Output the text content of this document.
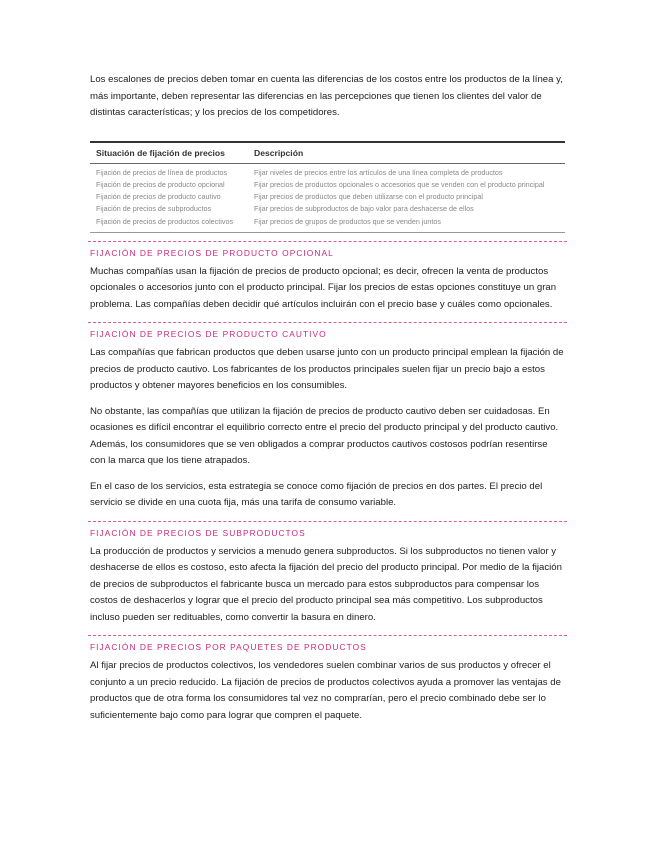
Los escalones de precios deben tomar en cuenta las diferencias de los costos entre los productos de la línea y, más importante, deben representar las diferencias en las percepciones que tienen los clientes del valor de distintas características; y los precios de los competidores.

Situación de fijación de precios	Descripción
Fijación de precios de línea de productos	Fijar niveles de precios entre los artículos de una línea completa de productos
Fijación de precios de producto opcional	Fijar precios de productos opcionales o accesorios que se venden con el producto principal
Fijación de precios de producto cautivo	Fijar precios de productos que deben utilizarse con el producto principal
Fijación de precios de subproductos	Fijar precios de subproductos de bajo valor para deshacerse de ellos
Fijación de precios de productos colectivos	Fijar precios de grupos de productos que se venden juntos
FIJACIÓN DE PRECIOS DE PRODUCTO OPCIONAL

Muchas compañías usan la fijación de precios de producto opcional; es decir, ofrecen la venta de productos opcionales o accesorios junto con el producto principal. Fijar los precios de estas opciones constituye un gran problema. Las compañías deben decidir qué artículos incluirán con el precio base y cuáles como opcionales.

FIJACIÓN DE PRECIOS DE PRODUCTO CAUTIVO

Las compañías que fabrican productos que deben usarse junto con un producto principal emplean la fijación de precios de producto cautivo. Los fabricantes de los productos principales suelen fijar un precio bajo a estos productos y obtener mayores beneficios en los consumibles.

No obstante, las compañías que utilizan la fijación de precios de producto cautivo deben ser cuidadosas. En ocasiones es difícil encontrar el equilibrio correcto entre el precio del producto principal y del producto cautivo. Además, los consumidores que se ven obligados a comprar productos cautivos costosos podrían resentirse con la marca que los tiene atrapados.

En el caso de los servicios, esta estrategia se conoce como fijación de precios en dos partes. El precio del servicio se divide en una cuota fija, más una tarifa de consumo variable.

FIJACIÓN DE PRECIOS DE SUBPRODUCTOS

La producción de productos y servicios a menudo genera subproductos. Si los subproductos no tienen valor y deshacerse de ellos es costoso, esto afecta la fijación del precio del producto principal. Por medio de la fijación de precios de subproductos el fabricante busca un mercado para estos subproductos para compensar los costos de deshacerlos y lograr que el precio del producto principal sea más competitivo. Los subproductos incluso pueden ser redituables, como convertir la basura en dinero.

FIJACIÓN DE PRECIOS POR PAQUETES DE PRODUCTOS

Al fijar precios de productos colectivos, los vendedores suelen combinar varios de sus productos y ofrecer el conjunto a un precio reducido. La fijación de precios de productos colectivos ayuda a promover las ventajas de productos que de otra forma los consumidores tal vez no comprarían, pero el precio combinado debe ser lo suficientemente bajo como para lograr que compren el paquete.
